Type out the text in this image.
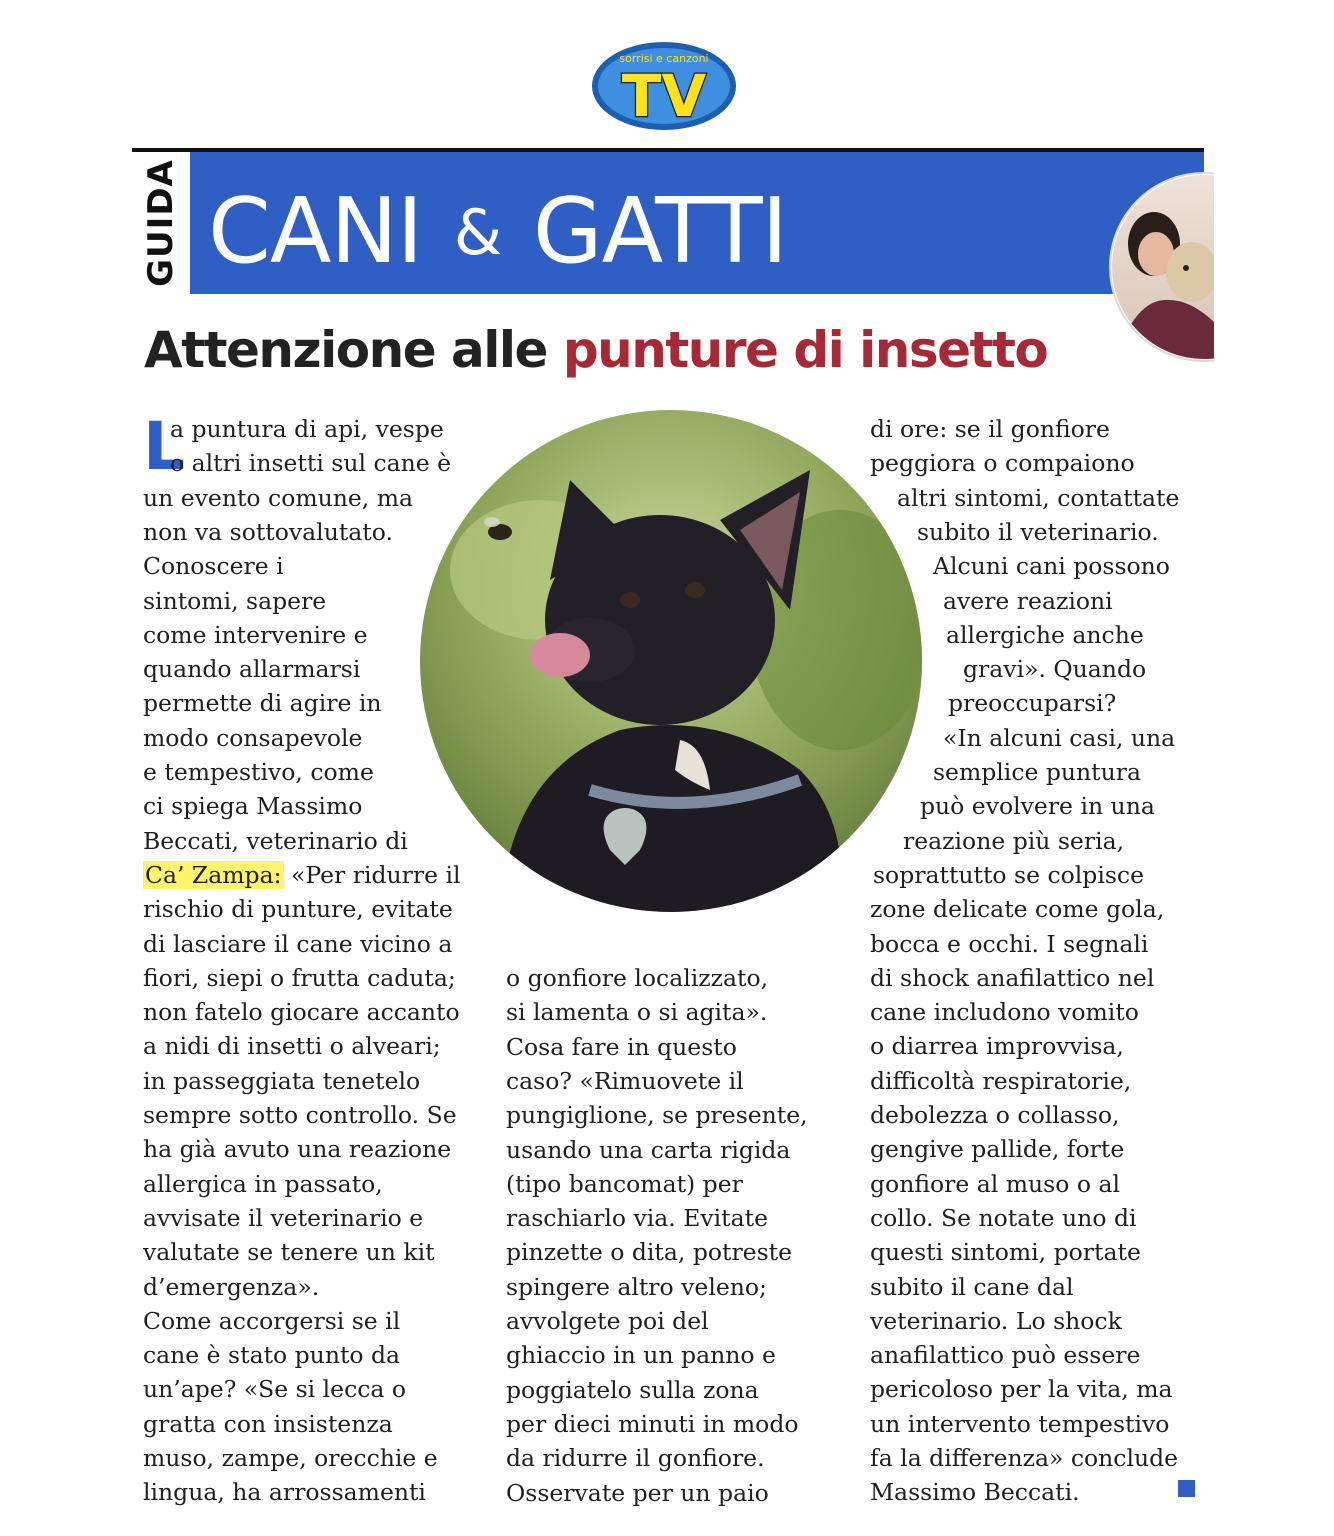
sorrisi e canzoni
TV
GUIDA CANI & GATTI
Attenzione alle punture di insetto
L
a puntura di api, vespe
o altri insetti sul cane è
un evento comune, ma
non va sottovalutato.
Conoscere i
sintomi, sapere
come intervenire e
quando allarmarsi
permette di agire in
modo consapevole
e tempestivo, come
ci spiega Massimo
Beccati, veterinario di
Ca’ Zampa: «Per ridurre il
rischio di punture, evitate
di lasciare il cane vicino a
fiori, siepi o frutta caduta;
non fatelo giocare accanto
a nidi di insetti o alveari;
in passeggiata tenetelo
sempre sotto controllo. Se
ha già avuto una reazione
allergica in passato,
avvisate il veterinario e
valutate se tenere un kit
d’emergenza».
Come accorgersi se il
cane è stato punto da
un’ape? «Se si lecca o
gratta con insistenza
muso, zampe, orecchie e
lingua, ha arrossamenti
o gonfiore localizzato,
si lamenta o si agita».
Cosa fare in questo
caso? «Rimuovete il
pungiglione, se presente,
usando una carta rigida
(tipo bancomat) per
raschiarlo via. Evitate
pinzette o dita, potreste
spingere altro veleno;
avvolgete poi del
ghiaccio in un panno e
poggiatelo sulla zona
per dieci minuti in modo
da ridurre il gonfiore.
Osservate per un paio
di ore: se il gonfiore
peggiora o compaiono
altri sintomi, contattate
subito il veterinario.
Alcuni cani possono
avere reazioni
allergiche anche
gravi». Quando
preoccuparsi?
«In alcuni casi, una
semplice puntura
può evolvere in una
reazione più seria,
soprattutto se colpisce
zone delicate come gola,
bocca e occhi. I segnali
di shock anafilattico nel
cane includono vomito
o diarrea improvvisa,
difficoltà respiratorie,
debolezza o collasso,
gengive pallide, forte
gonfiore al muso o al
collo. Se notate uno di
questi sintomi, portate
subito il cane dal
veterinario. Lo shock
anafilattico può essere
pericoloso per la vita, ma
un intervento tempestivo
fa la differenza» conclude
Massimo Beccati.
